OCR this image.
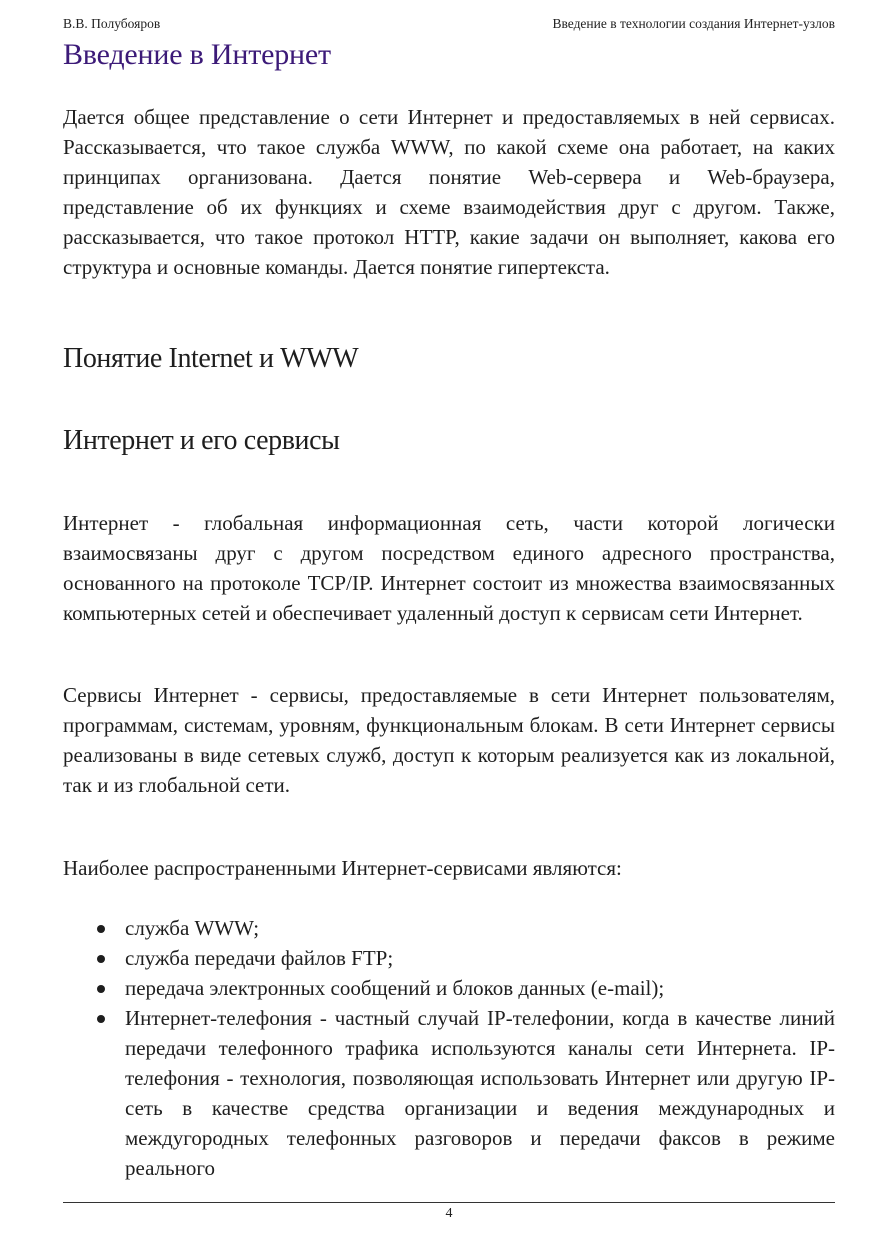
В.В. Полубояров	Введение в технологии создания Интернет-узлов
Введение в Интернет

Дается общее представление о сети Интернет и предоставляемых в ней сервисах. Рассказывается, что такое служба WWW, по какой схеме она работает, на каких принципах организована. Дается понятие Web-сервера и Web-браузера, представление об их функциях и схеме взаимодействия друг с другом. Также, рассказывается, что такое протокол HTTP, какие задачи он выполняет, какова его структура и основные команды. Дается понятие гипертекста.

Понятие Internet и WWW
Интернет и его сервисы

Интернет - глобальная информационная сеть, части которой логически взаимосвязаны друг с другом посредством единого адресного пространства, основанного на протоколе TCP/IP. Интернет состоит из множества взаимосвязанных компьютерных сетей и обеспечивает удаленный доступ к сервисам сети Интернет.

Сервисы Интернет - сервисы, предоставляемые в сети Интернет пользователям, программам, системам, уровням, функциональным блокам. В сети Интернет сервисы реализованы в виде сетевых служб, доступ к которым реализуется как из локальной, так и из глобальной сети.

Наиболее распространенными Интернет-сервисами являются:

служба WWW;
служба передачи файлов FTP;
передача электронных сообщений и блоков данных (e-mail);
Интернет-телефония - частный случай IP-телефонии, когда в качестве линий передачи телефонного трафика используются каналы сети Интернета. IP-телефония - технология, позволяющая использовать Интернет или другую IP-сеть в качестве средства организации и ведения международных и междугородных телефонных разговоров и передачи факсов в режиме реального
4
